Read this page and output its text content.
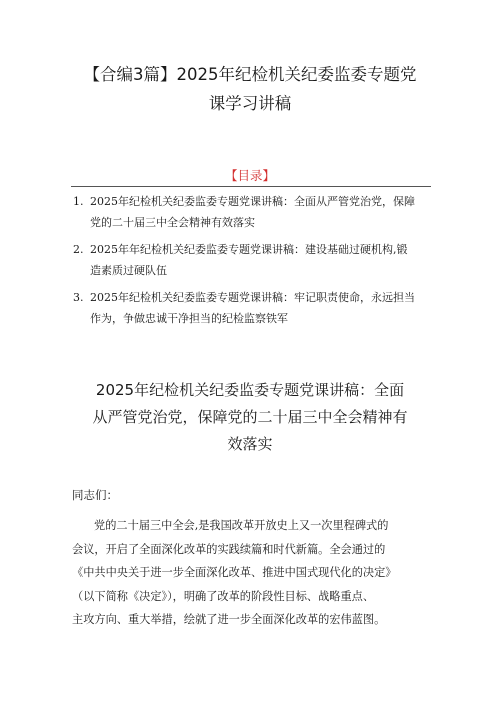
【合编3篇】2025年纪检机关纪委监委专题党
课学习讲稿
【目录】
1. 2025年纪检机关纪委监委专题党课讲稿：全面从严管党治党，保障
党的二十届三中全会精神有效落实
2. 2025年年纪检机关纪委监委专题党课讲稿：建设基础过硬机构,锻
造素质过硬队伍
3. 2025年纪检机关纪委监委专题党课讲稿：牢记职责使命，永远担当
作为，争做忠诚干净担当的纪检监察铁军
2025年纪检机关纪委监委专题党课讲稿：全面
从严管党治党，保障党的二十届三中全会精神有
效落实
同志们：
党的二十届三中全会,是我国改革开放史上又一次里程碑式的
会议，开启了全面深化改革的实践续篇和时代新篇。全会通过的
《中共中央关于进一步全面深化改革、推进中国式现代化的决定》
（以下简称《决定》），明确了改革的阶段性目标、战略重点、
主攻方向、重大举措，绘就了进一步全面深化改革的宏伟蓝图。
